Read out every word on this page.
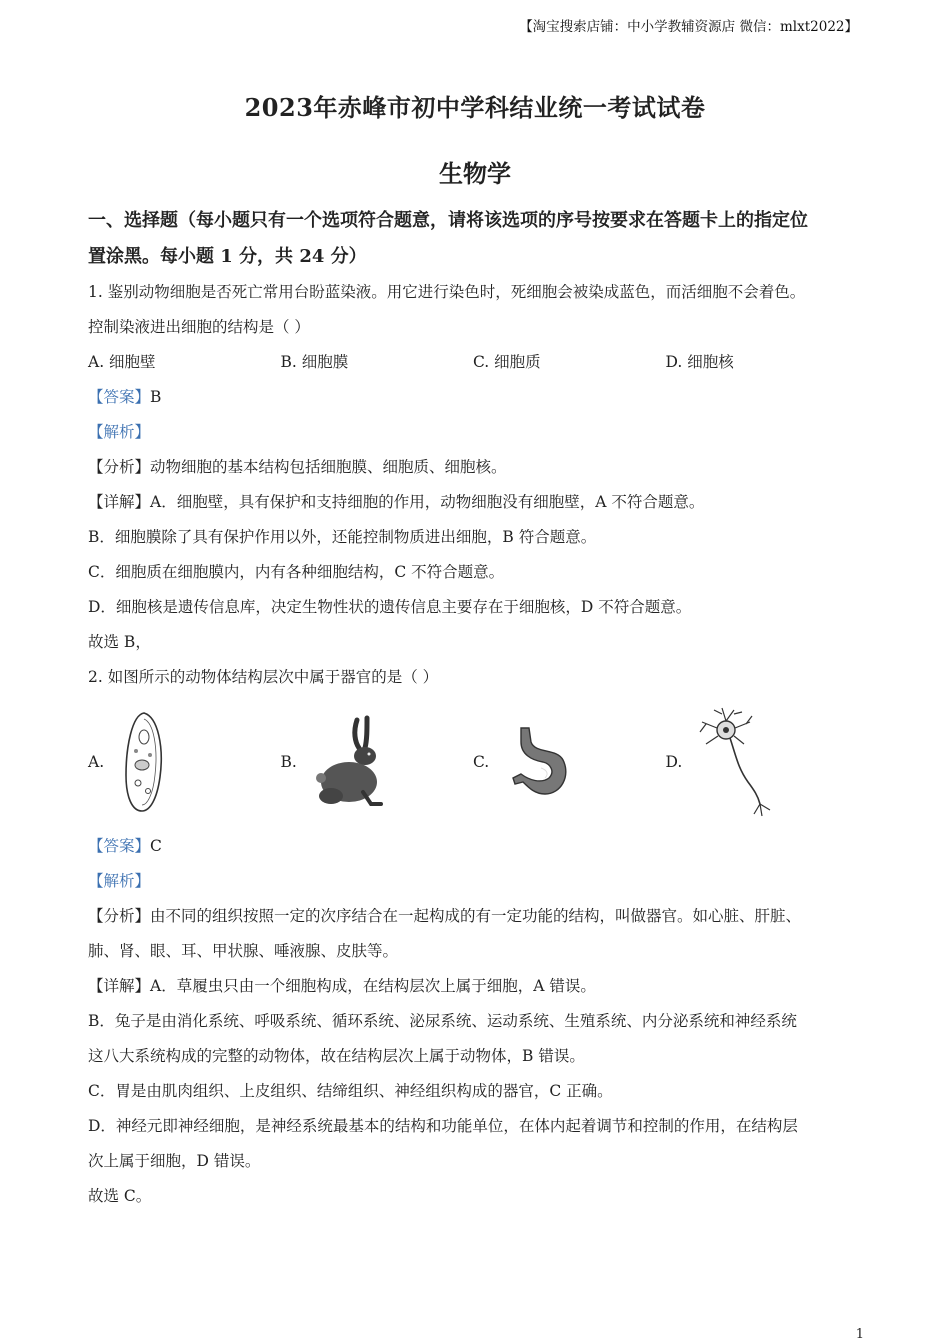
【淘宝搜索店铺：中小学教辅资源店 微信：mlxt2022】
2023年赤峰市初中学科结业统一考试试卷
生物学

一、选择题（每小题只有一个选项符合题意，请将该选项的序号按要求在答题卡上的指定位

置涂黑。每小题 1 分，共 24 分）

1. 鉴别动物细胞是否死亡常用台盼蓝染液。用它进行染色时，死细胞会被染成蓝色，而活细胞不会着色。

控制染液进出细胞的结构是（ ）

A. 细胞壁	B. 细胞膜	C. 细胞质	D. 细胞核

【答案】B

【解析】

【分析】动物细胞的基本结构包括细胞膜、细胞质、细胞核。

【详解】A．细胞壁，具有保护和支持细胞的作用，动物细胞没有细胞壁，A 不符合题意。

B．细胞膜除了具有保护作用以外，还能控制物质进出细胞，B 符合题意。

C．细胞质在细胞膜内，内有各种细胞结构，C 不符合题意。

D．细胞核是遗传信息库，决定生物性状的遗传信息主要存在于细胞核，D 不符合题意。

故选 B，

2. 如图所示的动物体结构层次中属于器官的是（ ）

A.	B.	C.	D.

【答案】C

【解析】

【分析】由不同的组织按照一定的次序结合在一起构成的有一定功能的结构，叫做器官。如心脏、肝脏、

肺、肾、眼、耳、甲状腺、唾液腺、皮肤等。

【详解】A．草履虫只由一个细胞构成，在结构层次上属于细胞，A 错误。

B．兔子是由消化系统、呼吸系统、循环系统、泌尿系统、运动系统、生殖系统、内分泌系统和神经系统

这八大系统构成的完整的动物体，故在结构层次上属于动物体，B 错误。

C．胃是由肌肉组织、上皮组织、结缔组织、神经组织构成的器官，C 正确。

D．神经元即神经细胞，是神经系统最基本的结构和功能单位，在体内起着调节和控制的作用，在结构层

次上属于细胞，D 错误。

故选 C。

1
